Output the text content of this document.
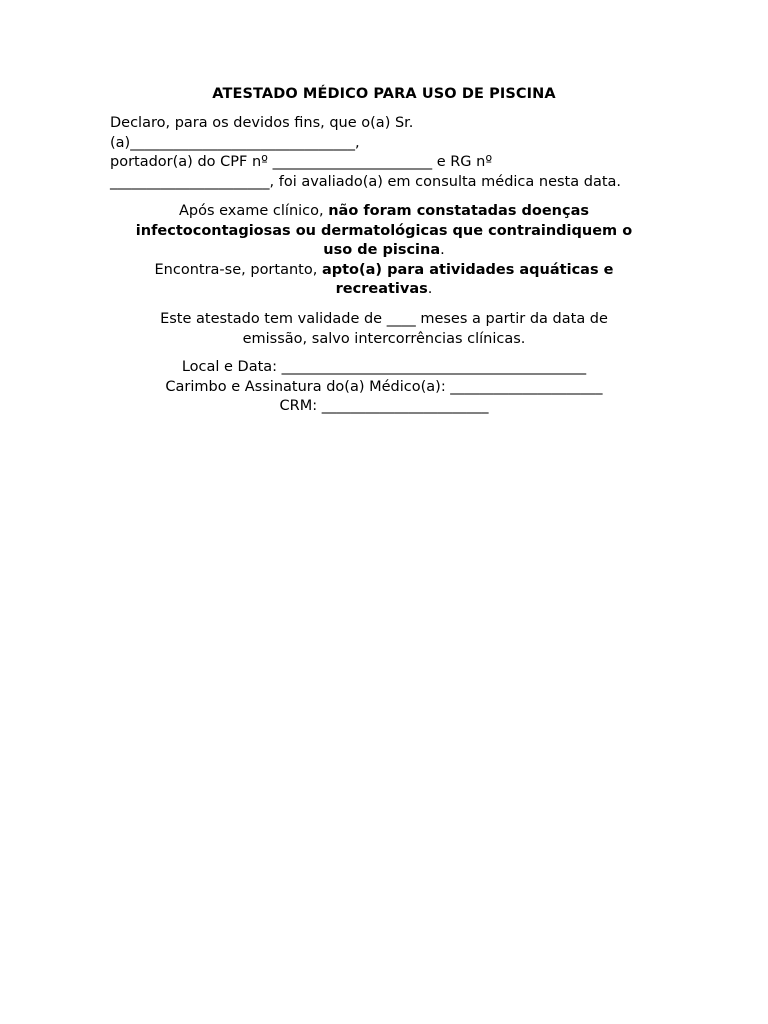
ATESTADO MÉDICO PARA USO DE PISCINA
Declaro, para os devidos fins, que o(a) Sr.
(a)_______________________________,
portador(a) do CPF nº ______________________ e RG nº
______________________, foi avaliado(a) em consulta médica nesta data.
Após exame clínico, não foram constatadas doenças
infectocontagiosas ou dermatológicas que contraindiquem o
uso de piscina.
Encontra-se, portanto, apto(a) para atividades aquáticas e
recreativas.
Este atestado tem validade de ____ meses a partir da data de
emissão, salvo intercorrências clínicas.
Local e Data: __________________________________________
Carimbo e Assinatura do(a) Médico(a): _____________________
CRM: _______________________
